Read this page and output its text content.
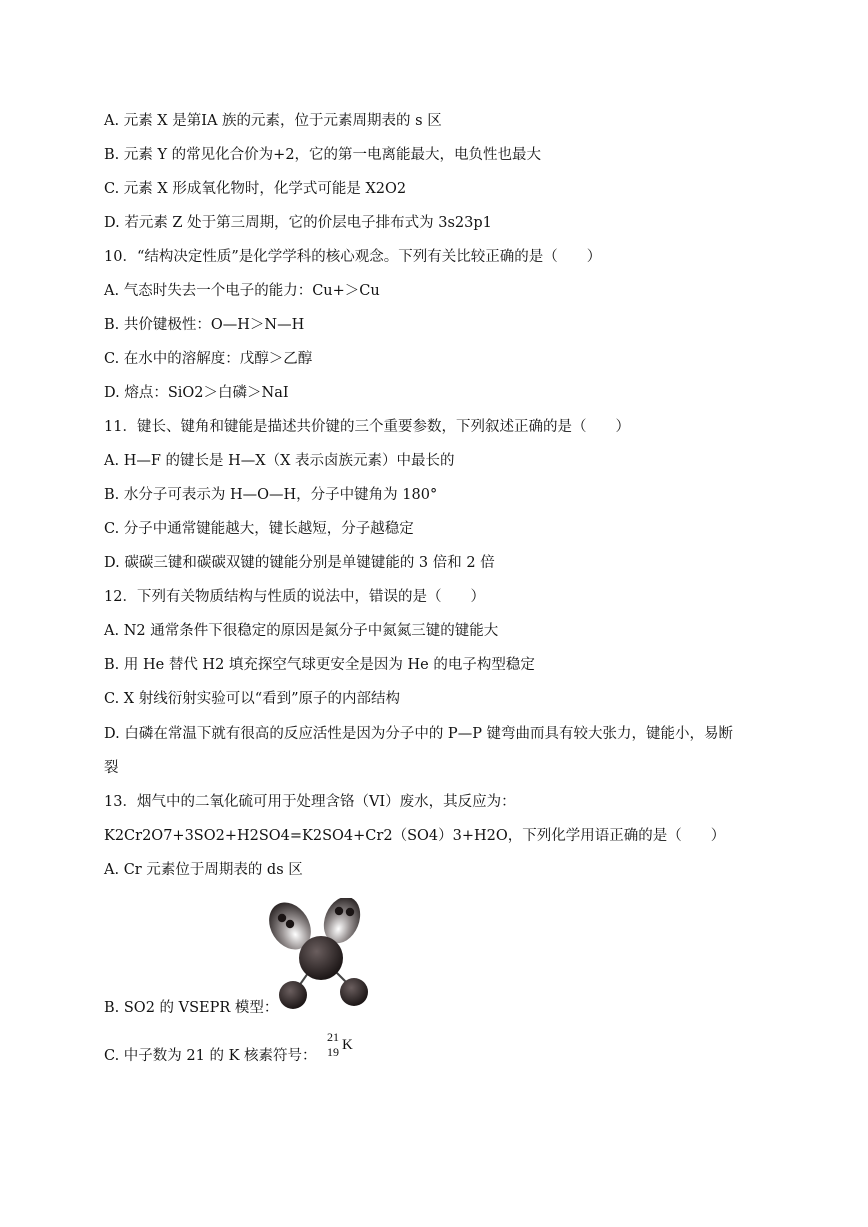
A. 元素 X 是第IA 族的元素，位于元素周期表的 s 区
B. 元素 Y 的常见化合价为+2，它的第一电离能最大，电负性也最大
C. 元素 X 形成氧化物时，化学式可能是 X2O2
D. 若元素 Z 处于第三周期，它的价层电子排布式为 3s23p1
10．“结构决定性质”是化学学科的核心观念。下列有关比较正确的是（　　）
A. 气态时失去一个电子的能力：Cu+＞Cu
B. 共价键极性：O—H＞N—H
C. 在水中的溶解度：戊醇＞乙醇
D. 熔点：SiO2＞白磷＞NaI
11．键长、键角和键能是描述共价键的三个重要参数，下列叙述正确的是（　　）
A. H—F 的键长是 H—X（X 表示卤族元素）中最长的
B. 水分子可表示为 H—O—H，分子中键角为 180°
C. 分子中通常键能越大，键长越短，分子越稳定
D. 碳碳三键和碳碳双键的键能分别是单键键能的 3 倍和 2 倍
12．下列有关物质结构与性质的说法中，错误的是（　　）
A. N2 通常条件下很稳定的原因是氮分子中氮氮三键的键能大
B. 用 He 替代 H2 填充探空气球更安全是因为 He 的电子构型稳定
C. X 射线衍射实验可以“看到”原子的内部结构
D. 白磷在常温下就有很高的反应活性是因为分子中的 P—P 键弯曲而具有较大张力，键能小，易断
裂
13．烟气中的二氧化硫可用于处理含铬（VI）废水，其反应为：
K2Cr2O7+3SO2+H2SO4=K2SO4+Cr2（SO4）3+H2O，下列化学用语正确的是（　　）
A. Cr 元素位于周期表的 ds 区
B. SO2 的 VSEPR 模型：
C. 中子数为 21 的 K 核素符号：
21
19 K
